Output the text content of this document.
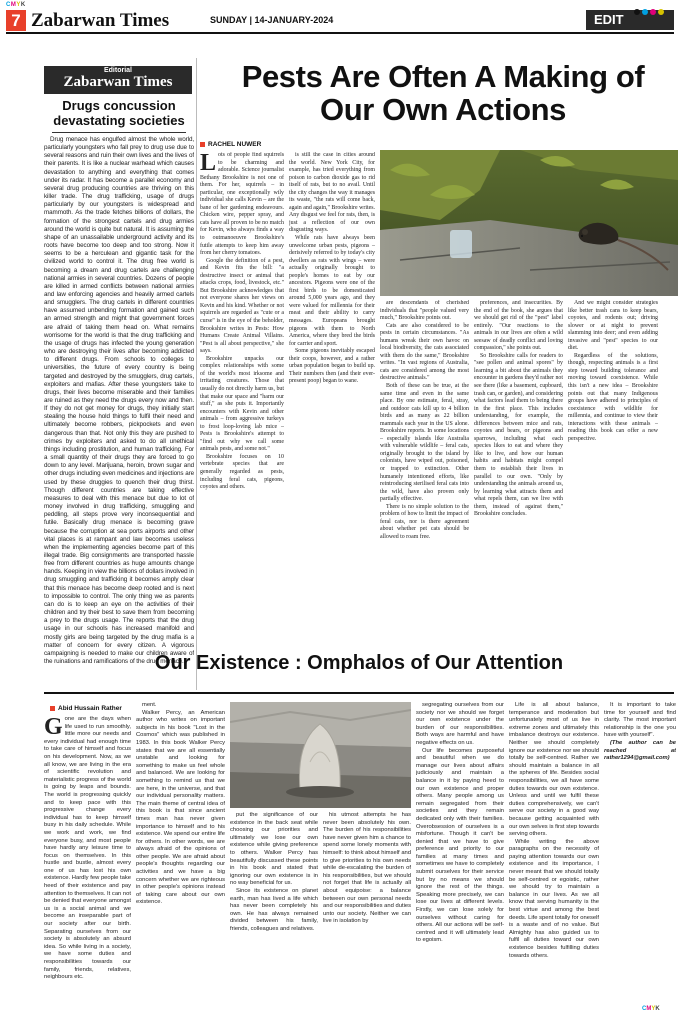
CMYK
7 Zabarwan Times	SUNDAY | 14-JANUARY-2024	EDIT
Editorial
Zabarwan Times
Drugs concussion devastating societies

Drug menace has engulfed almost the whole world, particularly youngsters who fall prey to drug use due to several reasons and ruin their own lives and the lives of their parents. It is like a nuclear warhead which causes devastation to anything and everything that comes under its radar. It has become a parallel economy and several drug producing countries are thriving on this killer trade. The drug trafficking, usage of drugs particularly by our youngsters is widespread and mammoth. As the trade fetches billions of dollars, the formation of the strongest cartels and drug armies around the world is quite but natural. It is assuming the shape of an unassailable underground activity and its roots have become too deep and too strong. Now it seems to be a herculean and gigantic task for the civilized world to control it. The drug free world is becoming a dream and drug cartels are challenging national armies in several countries. Dozens of people are killed in armed conflicts between national armies and law enforcing agencies and heavily armed cartels and smugglers. The drug cartels in different countries have assumed unbending formation and gained such an armed strength and might that government forces are afraid of taking them head on. What remains worrisome for the world is that the drug trafficking and the usage of drugs has infected the young generation who are destroying their lives after becoming addicted to different drugs. From schools to colleges to universities, the future of every country is being targeted and destroyed by the smugglers, drug cartels, exploiters and mafias. After these youngsters take to drugs, their lives become miserable and their families are ruined as they need the drugs every now and then. If they do not get money for drugs, they initially start stealing the house hold things to fulfil their need and ultimately become robbers, pickpockets and even dangerous than that. Not only this they are pushed to crimes by exploiters and asked to do all unethical things including prostitution, and human trafficking. For a small quantity of their drugs they are forced to go down to any level. Marijuana, heroin, brown sugar and other drugs including even medicines and injections are used by these druggies to quench their drug thirst. Though different countries are taking effective measures to deal with this menace but due to lot of money involved in drug trafficking, smuggling and peddling, all steps prove very inconsequential and futile. Basically drug menace is becoming grave because the corruption at sea ports airports and other vital places is at rampant and law becomes useless when the implementing agencies become part of this illegal trade. Big consignments are transported hassle free from different countries as huge amounts change hands. Keeping in view the billions of dollars involved in drug smuggling and trafficking it becomes amply clear that this menace has become deep rooted and is next to impossible to control. The only thing we as parents can do is to keep an eye on the activities of their children and try their best to save them from becoming a prey to the drugs usage. The reports that the drug usage in our schools has increased manifold and mostly girls are being targeted by the drug mafia is a matter of concern for every citizen. A vigorous campaigning is needed to make our children aware of the ruinations and ramifications of the drug menace.

Pests Are Often A Making of Our Own Actions
RACHEL NUWER

Lots of people find squirrels to be charming and adorable. Science journalist Bethany Brookshire is not one of them. For her, squirrels – in particular, one exceptionally wily individual she calls Kevin – are the bane of her gardening endeavours. Chicken wire, pepper spray, and cats have all proven to be no match for Kevin, who always finds a way to outmanoeuvre Brookshire's futile attempts to keep him away from her cherry tomatoes.

Google the definition of a pest, and Kevin fits the bill: "a destructive insect or animal that attacks crops, food, livestock, etc." But Brookshire acknowledges that not everyone shares her views on Kevin and his kind. Whether or not squirrels are regarded as "cute or a curse" is in the eye of the beholder, Brookshire writes in Pests: How Humans Create Animal Villains. "Pest is all about perspective," she says.

Brookshire unpacks our complex relationships with some of the world's most irksome and irritating creatures. Those that usually do not directly harm us, but that make our space and "harm our stuff," as she puts it. Importantly encounters with Kevin and other animals – from aggressive turkeys to frost loop-loving lab mice – Pests is Brookshire's attempt to "find out why we call some animals pests, and some not."

Brookshire focuses on 10 vertebrate species that are generally regarded as pests, including feral cats, pigeons, coyotes and others.

is still the case in cities around the world. New York City, for example, has tried everything from poison to carbon dioxide gas to rid itself of rats, but to no avail. Until the city changes the way it manages its waste, "the rats will come back, again and again," Brookshire writes. Any disgust we feel for rats, then, is just a reflection of our own disgusting ways.

While rats have always been unwelcome urban pests, pigeons – derisively referred to by today's city dwellers as rats with wings – were actually originally brought to people's homes to eat by our ancestors. Pigeons were one of the first birds to be domesticated around 5,000 years ago, and they were valued for millennia for their meat and their ability to carry messages. Europeans brought pigeons with them to North America, where they bred the birds for carrier and sport.

Some pigeons inevitably escaped their coops, however, and a rather urban population began to build up. Their numbers then (and their ever-present poop) began to wane.

are descendants of cherished individuals that "people valued very much," Brookshire points out.

Cats are also considered to be pests in certain circumstances. "As humans wreak their own havoc on local biodiversity, the cats associated with them do the same," Brookshire writes. "In vast regions of Australia, cats are considered among the most destructive animals."

Both of these can be true, at the same time and even in the same place. By one estimate, feral, stray, and outdoor cats kill up to 4 billion birds and as many as 22 billion mammals each year in the US alone. Brookshire reports. In some locations – especially islands like Australia with vulnerable wildlife – feral cats, originally brought to the island by colonists, have wiped out, poisoned, or trapped to extinction. Other humanely intentioned efforts, like reintroducing sterilised feral cats into the wild, have also proven only partially effective.

There is no simple solution to the problem of how to limit the impact of feral cats, nor is there agreement about whether pet cats should be allowed to roam free.

preferences, and insecurities. By the end of the book, she argues that we should get rid of the "pest" label entirely. "Our reactions to the animals in our lives are often a wild seesaw of deadly conflict and loving compassion," she points out.

So Brookshire calls for readers to "see pollen and animal spores" by learning a bit about the animals they encounter in gardens they'd rather not see there (like a basement, cupboard, trash can, or garden), and considering what factors lead them to being there in the first place. This includes understanding, for example, the differences between mice and rats, coyotes and bears, or pigeons and sparrows, including what each species likes to eat and where they like to live, and how our human habits and habitats might compel them to establish their lives in parallel to our own. "Only by understanding the animals around us, by learning what attracts them and what repels them, can we live with them, instead of against them," Brookshire concludes.

And we might consider strategies like better trash cans to keep bears, coyotes, and rodents out; driving slower or at night to prevent slamming into deer; and even adding invasive and "pest" species to our diet.

Regardless of the solutions, though, respecting animals is a first step toward building tolerance and moving toward coexistence. While this isn't a new idea – Brookshire points out that many Indigenous groups have adhered to principles of coexistence with wildlife for millennia, and continue to view their interactions with these animals – reading this book can offer a new perspective.

Our Existence : Omphalos of Our Attention
Abid Hussain Rather

Gone are the days when life used to run smoothly, little more our needs and every individual had enough time to take care of himself and focus on his development. Now, as we all know, we are living in the era of scientific revolution and materialistic progress of the world is going by leaps and bounds. The world is progressing quickly and to keep pace with this progressive change every individual has to keep himself busy in his daily schedule. While we work and work, we find everyone busy, and most people have hardly any leisure time to focus on themselves. In this hustle and bustle, almost every one of us has lost his own existence. Hardly few people take heed of their existence and pay attention to themselves. It can not be denied that everyone amongst us is a social animal and we become an inseparable part of our society after our birth. Separating ourselves from our society is absolutely an absurd idea. So while living in a society, we have some duties and responsibilities towards our family, friends, relatives, neighbours etc.

ment.

Walker Percy, an American author who writes on important subjects in his book "Lost in the Cosmos" which was published in 1983. In this book Walker Percy states that we are all essentially unstable and looking for something to make us feel whole and balanced. We are looking for something to remind us that we are here, in the universe, and that our individual personality matters. The main theme of central idea of this book is that since ancient times man has never given importance to himself and to his existence. We spend our entire life for others. In other words, we are always afraid of the opinions of other people. We are afraid about people's thoughts regarding our activities and we have a big concern whether we are righteous in other people's opinions instead of taking care about our own existence.

put the significance of our existence in the back seat while choosing our priorities and ultimately we lose our own existence while giving preference to others. Walker Percy has beautifully discussed these points in his book and stated that ignoring our own existence is in no way beneficial for us.

Since its existence on planet earth, man has lived a life which has never been completely his own. He has always remained divided between his family, friends, colleagues and relatives.

his utmost attempts he has never been absolutely his own. The burden of his responsibilities have never given him a chance to spend some lonely moments with himself: to think about himself and to give priorities to his own needs while de-escalating the burden of his responsibilities, but we should not forget that life is actually all about equipoise: a balance between our own personal needs and our responsibilities and duties unto our society. Neither we can live in isolation by

segregating ourselves from our society nor we should we forget our own existence under the burden of our responsibilities. Both ways are harmful and have negative effects on us.

Our life becomes purposeful and beautiful when we do manage our lives about affairs judiciously and maintain a balance in it by paying heed to our own existence and proper others. Many people among us remain segregated from their societies and they remain dedicated only with their families. Overobsession of ourselves is a misfortune. Though it can't be denied that we have to give preference and priority to our families at many times and sometimes we have to completely submit ourselves for their service but by no means we should ignore the rest of the things. Speaking more precisely, we can lose our lives at different levels. Firstly, we can lose solely for ourselves without caring for others. All our actions will be self-centred and it will ultimately lead to egoism.

Life is all about balance, temperance and moderation but unfortunately most of us live in extreme zones and ultimately this imbalance destroys our existence. Neither we should completely ignore our existence nor we should totally be self-centred. Rather we should maintain a balance in all the spheres of life. Besides social responsibilities, we all have some duties towards our own existence. Unless and until we fulfil these duties comprehensively, we can't serve our society in a good way because getting acquainted with our own selves is first step towards serving others.

While writing the above paragraphs on the necessity of paying attention towards our own existence and its importance, I never meant that we should totally be self-centred or egoistic, rather we should try to maintain a balance in our lives. As we all know that serving humanity is the best virtue and among the best deeds. Life spent totally for oneself is a waste and of no value. But Almighty has also guided us to fulfil all duties toward our own existence besides fulfilling duties towards others.

It is important to take time for yourself and find clarity. The most important relationship is the one you have with yourself".

(The author can be reached at rather1294@gmail.com)

CMYK
